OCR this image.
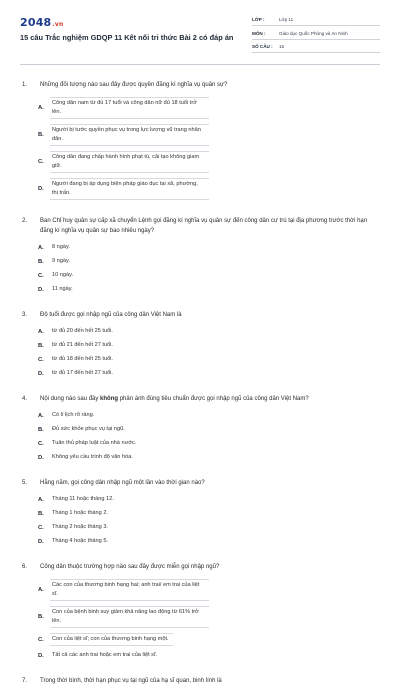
2048.vn
15 câu Trắc nghiệm GDQP 11 Kết nối tri thức Bài 2 có đáp án
LỚP :	Lớp 11
MÔN :	Giáo dục Quốc Phòng và An Ninh
SỐ CÂU :	15
1.	Những đối tượng nào sau đây được quyền đăng kí nghĩa vụ quân sự?
A.
Công dân nam từ đủ 17 tuổi và công dân nữ đủ 18 tuổi trở lên.
B.
Người bị tước quyền phục vụ trong lực lượng vũ trang nhân dân.
C.
Công dân đang chấp hành hình phạt tù, cải tạo không giam giữ.
D.
Người đang bị áp dụng biện pháp giáo dục tại xã, phường, thị trấn.
2.	Ban Chỉ huy quân sự cấp xã chuyển Lệnh gọi đăng kí nghĩa vụ quân sự đến công dân cư trú tại địa phương trước thời hạn đăng kí nghĩa vụ quân sự bao nhiêu ngày?
A.	8 ngày.
B.	9 ngày.
C.	10 ngày.
D.	11 ngày.
3.	Độ tuổi được gọi nhập ngũ của công dân Việt Nam là
A.	từ đủ 20 đến hết 25 tuổi.
B.	từ đủ 21 đến hết 27 tuổi.
C.	từ đủ 18 đến hết 25 tuổi.
D.	từ đủ 17 đến hết 27 tuổi.
4.	Nội dung nào sau đây không phản ánh đúng tiêu chuẩn được gọi nhập ngũ của công dân Việt Nam?
A.	Có lí lịch rõ ràng.
B.	Đủ sức khỏe phục vụ tại ngũ.
C.	Tuân thủ pháp luật của nhà nước.
D.	Không yêu cầu trình độ văn hóa.
5.	Hằng năm, gọi công dân nhập ngũ một lần vào thời gian nào?
A.	Tháng 11 hoặc tháng 12.
B.	Tháng 1 hoặc tháng 2.
C.	Tháng 2 hoặc tháng 3.
D.	Tháng 4 hoặc tháng 5.
6.	Công dân thuộc trường hợp nào sau đây được miễn gọi nhập ngũ?
A.
Các con của thương binh hạng hai; anh trai/ em trai của liệt sĩ.
B.
Con của bệnh binh suy giảm khả năng lao động từ 61% trở lên.
C.	Con của liệt sĩ; con của thương binh hạng một.
D.	Tất cả các anh trai hoặc em trai của liệt sĩ.
7.	Trong thời bình, thời hạn phục vụ tại ngũ của hạ sĩ quan, binh lính là
